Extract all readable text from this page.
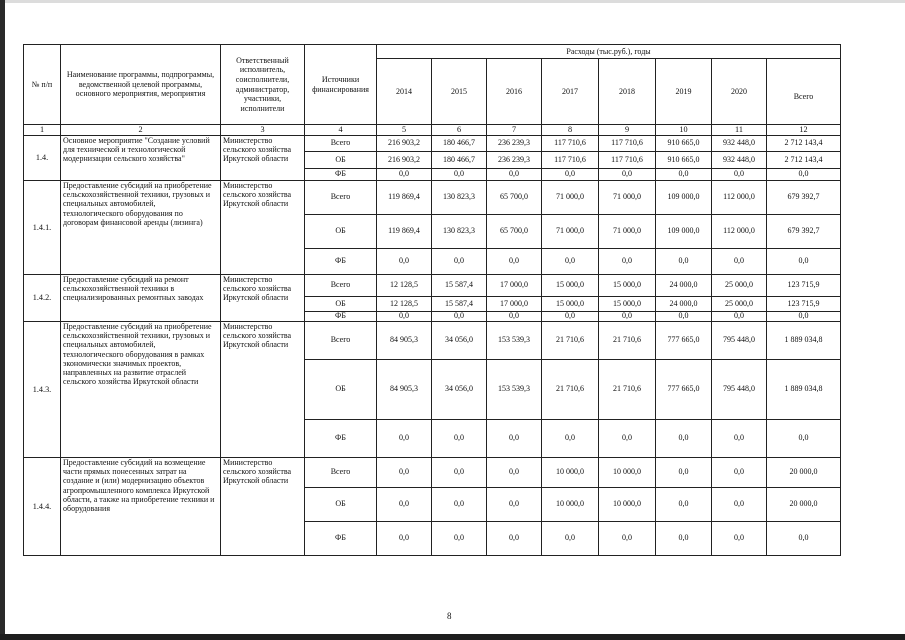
№ п/п	Наименование программы, подпрограммы, ведомственной целевой программы, основного мероприятия, мероприятия	Ответственный исполнитель, соисполнители, администратор, участники, исполнители	Источники финансирования	Расходы (тыс.руб.), годы							
				2014	2015	2016	2017	2018	2019	2020	Всего
1	2	3	4	5	6	7	8	9	10	11	12
1.4.	Основное мероприятие "Создание условий для технической и технологической модернизации сельского хозяйства"	Министерство сельского хозяйства Иркутской области	Всего	216 903,2	180 466,7	236 239,3	117 710,6	117 710,6	910 665,0	932 448,0	2 712 143,4
			ОБ	216 903,2	180 466,7	236 239,3	117 710,6	117 710,6	910 665,0	932 448,0	2 712 143,4
			ФБ	0,0	0,0	0,0	0,0	0,0	0,0	0,0	0,0
1.4.1.	Предоставление субсидий на приобретение сельскохозяйственной техники, грузовых и специальных автомобилей, технологического оборудования по договорам финансовой аренды (лизинга)	Министерство сельского хозяйства Иркутской области	Всего	119 869,4	130 823,3	65 700,0	71 000,0	71 000,0	109 000,0	112 000,0	679 392,7
			ОБ	119 869,4	130 823,3	65 700,0	71 000,0	71 000,0	109 000,0	112 000,0	679 392,7
			ФБ	0,0	0,0	0,0	0,0	0,0	0,0	0,0	0,0
1.4.2.	Предоставление субсидий на ремонт сельскохозяйственной техники в специализированных ремонтных заводах	Министерство сельского хозяйства Иркутской области	Всего	12 128,5	15 587,4	17 000,0	15 000,0	15 000,0	24 000,0	25 000,0	123 715,9
			ОБ	12 128,5	15 587,4	17 000,0	15 000,0	15 000,0	24 000,0	25 000,0	123 715,9
			ФБ	0,0	0,0	0,0	0,0	0,0	0,0	0,0	0,0
1.4.3.	Предоставление субсидий на приобретение сельскохозяйственной техники, грузовых и специальных автомобилей, технологического оборудования в рамках экономически значимых проектов, направленных на развитие отраслей сельского хозяйства Иркутской области	Министерство сельского хозяйства Иркутской области	Всего	84 905,3	34 056,0	153 539,3	21 710,6	21 710,6	777 665,0	795 448,0	1 889 034,8
			ОБ	84 905,3	34 056,0	153 539,3	21 710,6	21 710,6	777 665,0	795 448,0	1 889 034,8
			ФБ	0,0	0,0	0,0	0,0	0,0	0,0	0,0	0,0
1.4.4.	Предоставление субсидий на возмещение части прямых понесенных затрат на создание и (или) модернизацию объектов агропромышленного комплекса Иркутской области, а также на приобретение техники и оборудования	Министерство сельского хозяйства Иркутской области	Всего	0,0	0,0	0,0	10 000,0	10 000,0	0,0	0,0	20 000,0
			ОБ	0,0	0,0	0,0	10 000,0	10 000,0	0,0	0,0	20 000,0
			ФБ	0,0	0,0	0,0	0,0	0,0	0,0	0,0	0,0
8
